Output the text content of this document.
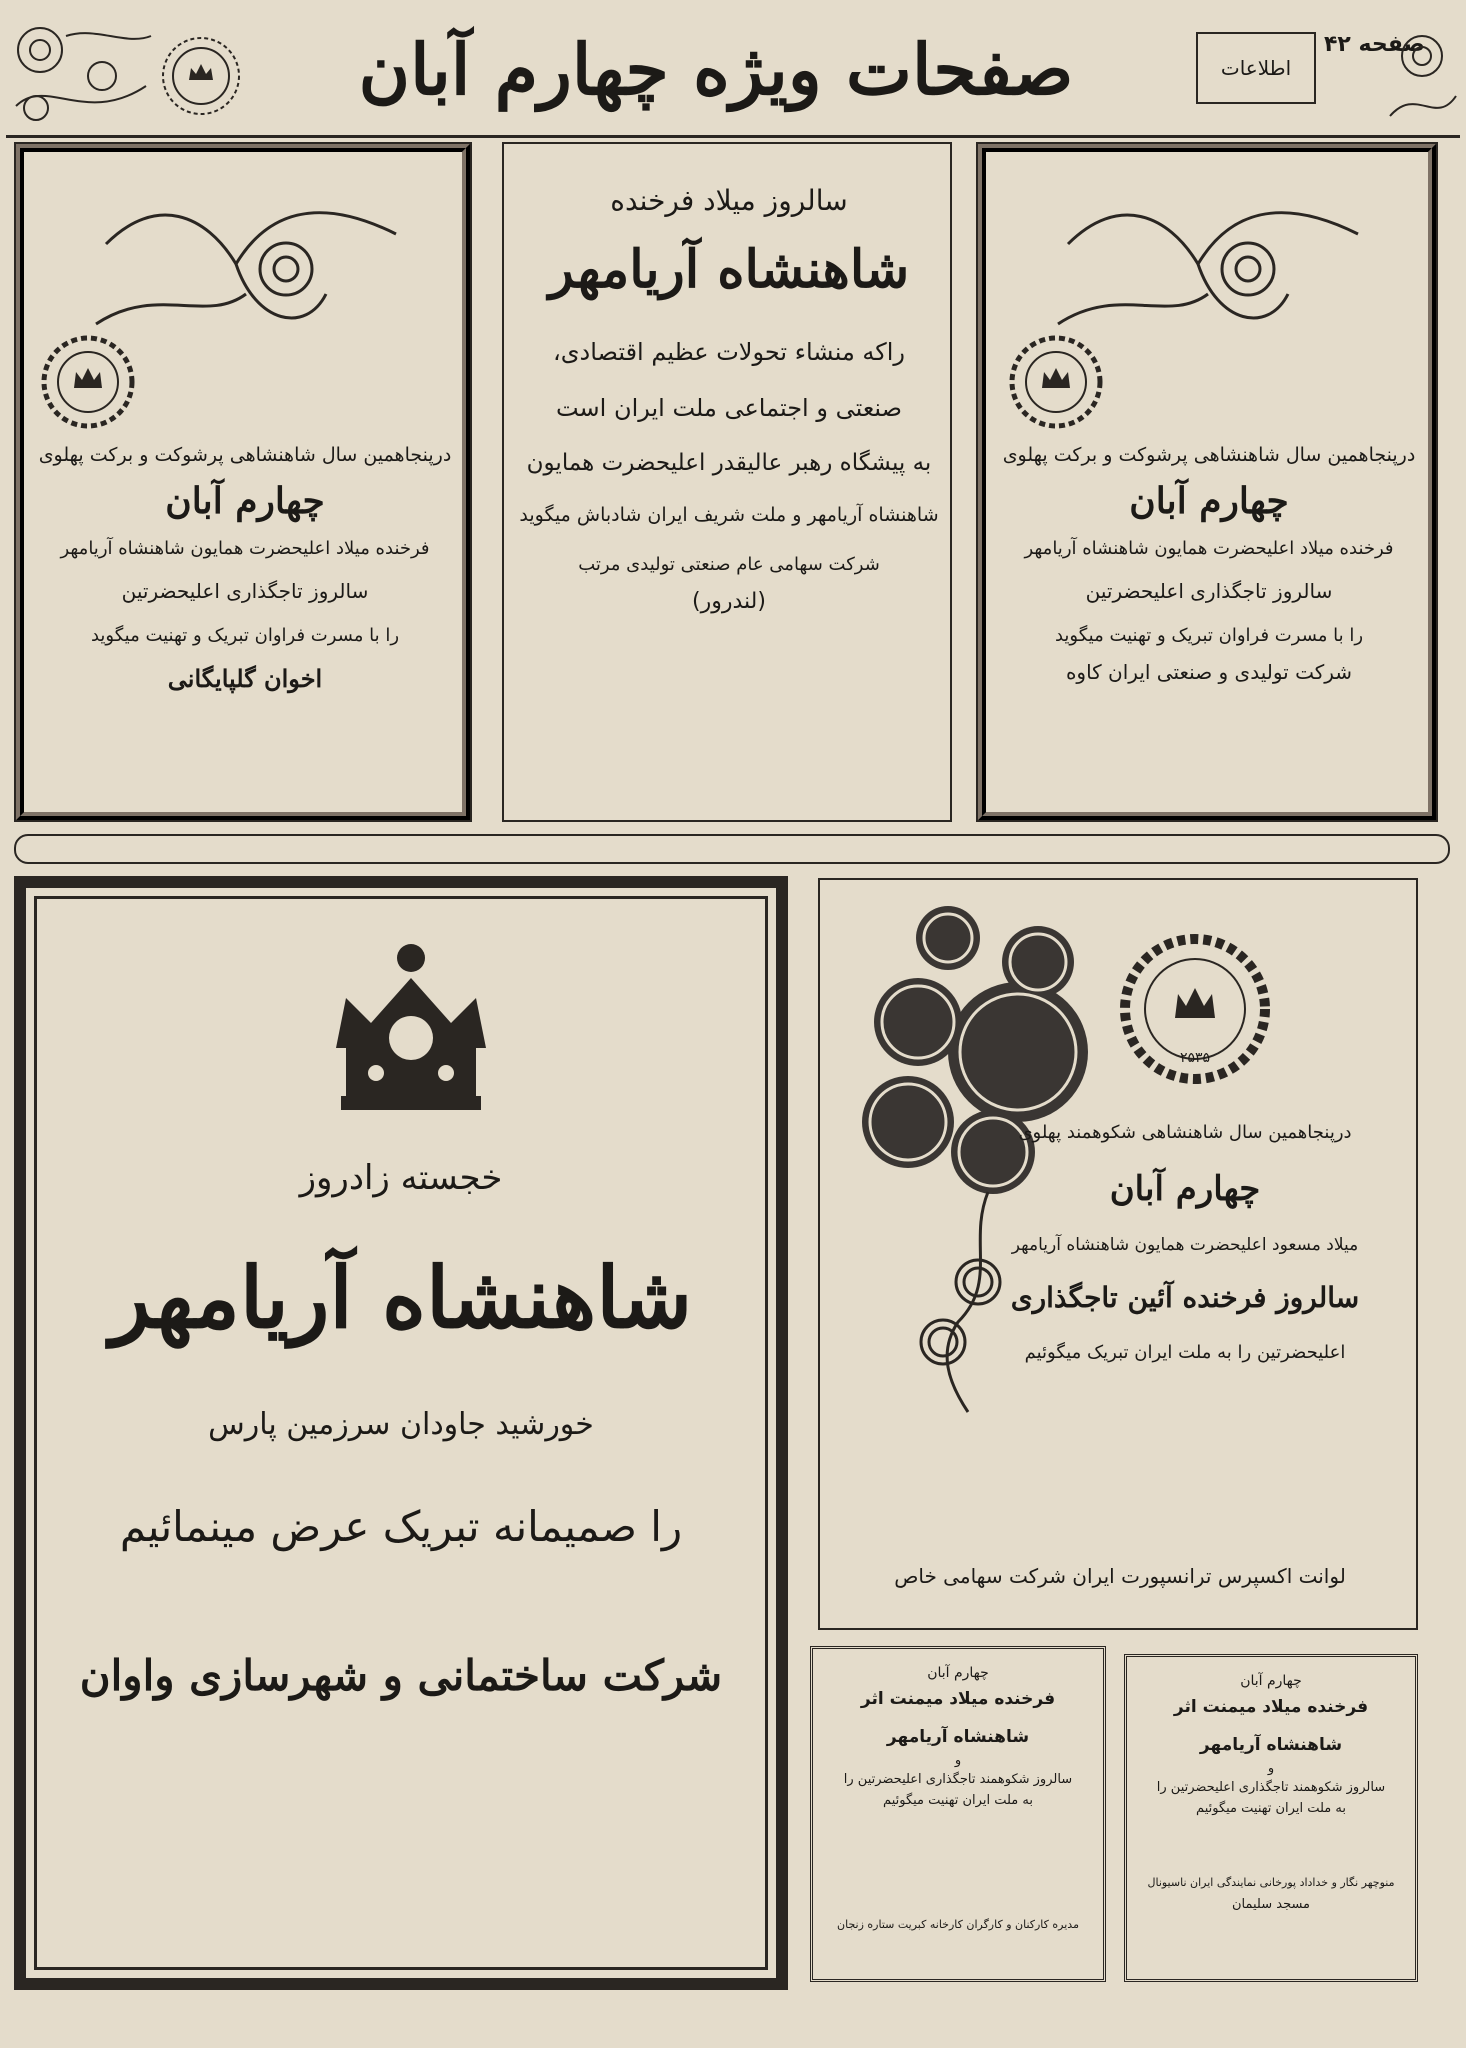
صفحات ویژه چهارم آبان	اطلاعات
صفحه ۴۲
درپنجاهمین سال شاهنشاهی پرشوکت و برکت پهلوی
چهارم آبان
فرخنده میلاد اعلیحضرت همایون شاهنشاه آریامهر
سالروز تاجگذاری اعلیحضرتین
را با مسرت فراوان تبریک و تهنیت میگوید
اخوان گلپایگانی
سالروز میلاد فرخنده
شاهنشاه آریامهر
راکه منشاء تحولات عظیم اقتصادی،
صنعتی و اجتماعی ملت ایران است
به پیشگاه رهبر عالیقدر اعلیحضرت همایون
شاهنشاه آریامهر و ملت شریف ایران شادباش میگوید
شرکت سهامی عام صنعتی تولیدی مرتب
(لندرور)
درپنجاهمین سال شاهنشاهی پرشوکت و برکت پهلوی
چهارم آبان
فرخنده میلاد اعلیحضرت همایون شاهنشاه آریامهر
سالروز تاجگذاری اعلیحضرتین
را با مسرت فراوان تبریک و تهنیت میگوید
شرکت تولیدی و صنعتی ایران کاوه
خجسته زادروز
شاهنشاه آریامهر
خورشید جاودان سرزمین پارس
را صمیمانه تبریک عرض مینمائیم
شرکت ساختمانی و شهرسازی واوان
۲۵۳۵
درپنجاهمین سال شاهنشاهی شکوهمند پهلوی
چهارم آبان
میلاد مسعود اعلیحضرت همایون شاهنشاه آریامهر
سالروز فرخنده آئین تاجگذاری
اعلیحضرتین را به ملت ایران تبریک میگوئیم
لوانت اکسپرس ترانسپورت ایران شرکت سهامی خاص
چهارم آبان
فرخنده میلاد میمنت اثر
شاهنشاه آریامهر
و
سالروز شکوهمند تاجگذاری اعلیحضرتین را
به ملت ایران تهنیت میگوئیم
مدیره کارکنان و کارگران کارخانه کبریت ستاره زنجان
چهارم آبان
فرخنده میلاد میمنت اثر
شاهنشاه آریامهر
و
سالروز شکوهمند تاجگذاری اعلیحضرتین را
به ملت ایران تهنیت میگوئیم
منوچهر نگار و خداداد پورخانی نمایندگی ایران ناسیونال
مسجد سلیمان
